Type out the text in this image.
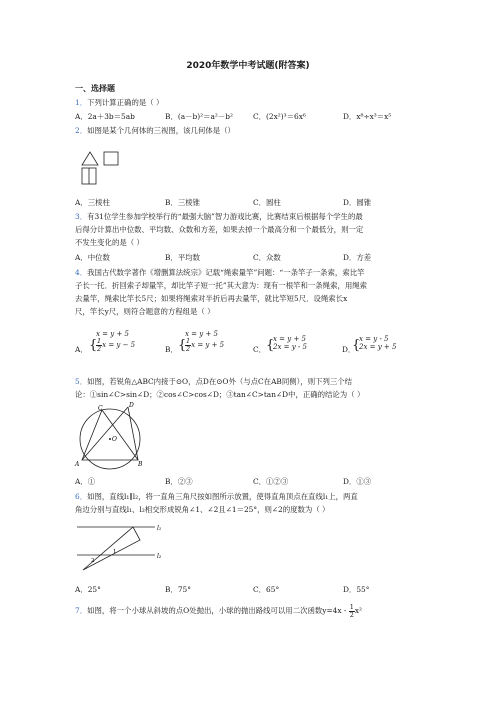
2020年数学中考试题(附答案)
一、选择题
1．下列计算正确的是（ ）
A．2a＋3b＝5ab	B．(a－b)²＝a²－b²	C．(2x²)³＝6x⁶	D．x⁸÷x³＝x⁵
2．如图是某个几何体的三视图，该几何体是（）
A．三棱柱	B．三棱锥	C．圆柱	D．圆锥
3．有31位学生参加学校举行的“最强大脑”智力游戏比赛，比赛结束后根据每个学生的最
后得分计算出中位数、平均数、众数和方差，如果去掉一个最高分和一个最低分，则一定
不发生变化的是（ ）
A．中位数	B．平均数	C．众数	D．方差
4．我国古代数学著作《增删算法统宗》记载“绳索量竿”问题：“一条竿子一条索，索比竿
子长一托．折回索子却量竿，却比竿子短一托”其大意为：现有一根竿和一条绳索，用绳索
去量竿，绳索比竿长5尺；如果将绳索对半折后再去量竿，就比竿短5尺．设绳索长x
尺，竿长y尺，则符合题意的方程组是（ ）
A． {
x = y + 5
$\frac{1}{2}$ x = y − 5	B． {
x = y + 5
$\frac{1}{2}$ x = y + 5	C． {
x = y + 5
2x = y - 5	D．
{
x = y - 5
2x = y + 5
5．如图，若锐角△ABC内接于⊙O，点D在⊙O外（与点C在AB同侧），则下列三个结
论：①sin∠C>sin∠D；②cos∠C>cos∠D；③tan∠C>tan∠D中，正确的结论为（ ）
C	D
O
A	B
A．①	B．②③	C．①②③	D．①③
6．如图，直线l₁∥l₂，将一直角三角尺按如图所示放置，使得直角顶点在直线l₁上，两直
角边分别与直线l₁、l₂相交形成锐角∠1、∠2且∠1＝25°，则∠2的度数为（ ）
l₁
l₂
1
2
A．25°	B．75°	C．65°	D．55°
7．如图，将一个小球从斜坡的点O处抛出，小球的抛出路线可以用二次函数$y=4x - \frac{1}{2} x^2$
